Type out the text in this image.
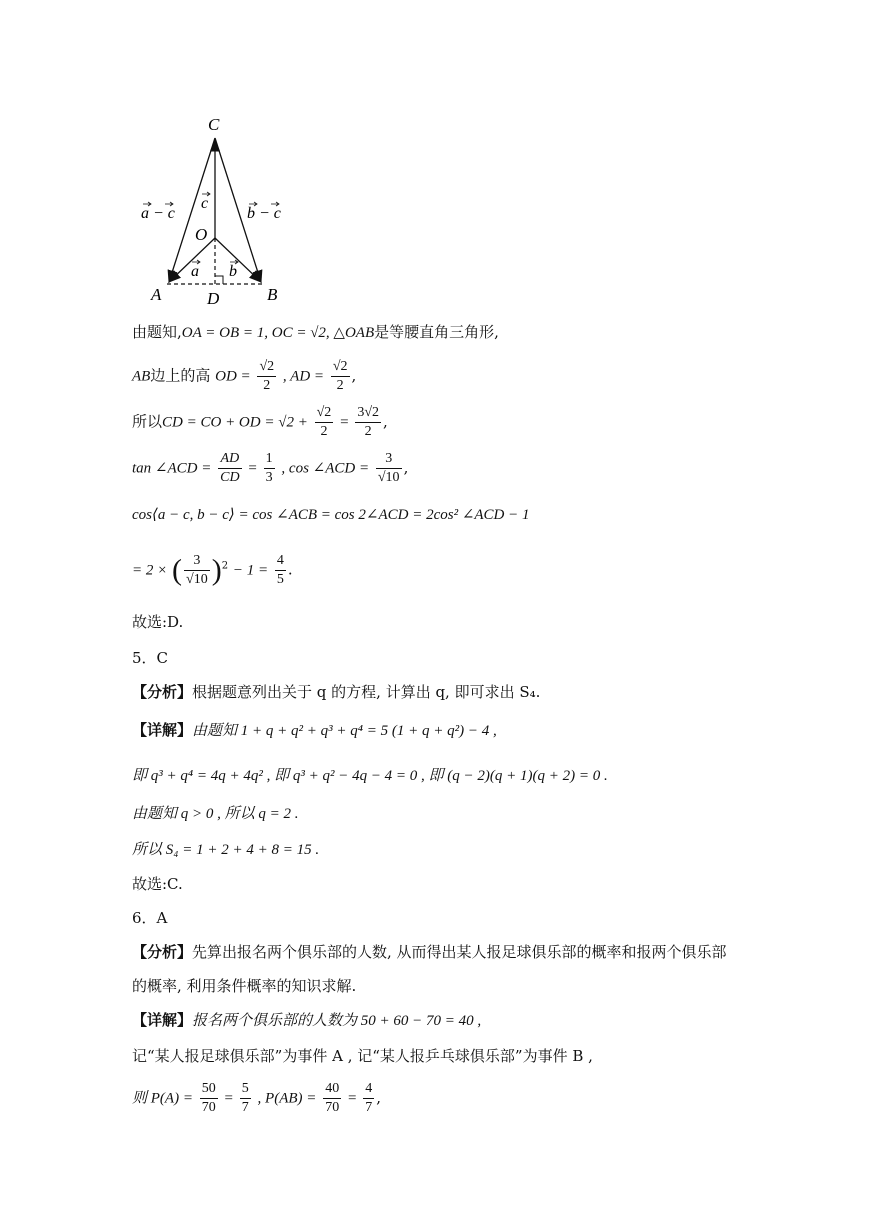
C
O
A	B
D
a − c
c
b − c
a b
由题知,OA = OB = 1, OC = √2, △OAB是等腰直角三角形,
AB边上的高 OD = $\frac{√2}{2}$ , AD = $\frac{√2}{2}$ ,
所以CD = CO + OD = $√2 + \frac{√2}{2} = \frac{3√2}{2}$ ,
tan ∠ACD = $\frac{AD}{CD} = \frac{1}{3}$ , cos ∠ACD = $\frac{3}{√10}$ ,
cos⟨a − c, b − c⟩ = cos ∠ACB = cos 2∠ACD = 2cos² ∠ACD − 1
= 2 × ( $\frac{3}{√10} )^2 - 1 = \frac{4}{5}$ .
故选:D.
5．C
【分析】根据题意列出关于 q 的方程, 计算出 q, 即可求出 S₄.
【详解】由题知 1 + q + q² + q³ + q⁴ = 5 (1 + q + q²) − 4 ,
即 q³ + q⁴ = 4q + 4q² , 即 q³ + q² − 4q − 4 = 0 , 即 (q − 2)(q + 1)(q + 2) = 0 .
由题知 q > 0 , 所以 q = 2 .
所以 S₄ = 1 + 2 + 4 + 8 = 15 .
故选:C.
6．A
【分析】先算出报名两个俱乐部的人数, 从而得出某人报足球俱乐部的概率和报两个俱乐部
的概率, 利用条件概率的知识求解.
【详解】报名两个俱乐部的人数为 50 + 60 − 70 = 40 ,
记“某人报足球俱乐部”为事件 A , 记“某人报乒乓球俱乐部”为事件 B ,
则 $P(A) = \frac{50}{70} = \frac{5}{7}$ , $P(AB) = \frac{40}{70} = \frac{4}{7}$ ,
